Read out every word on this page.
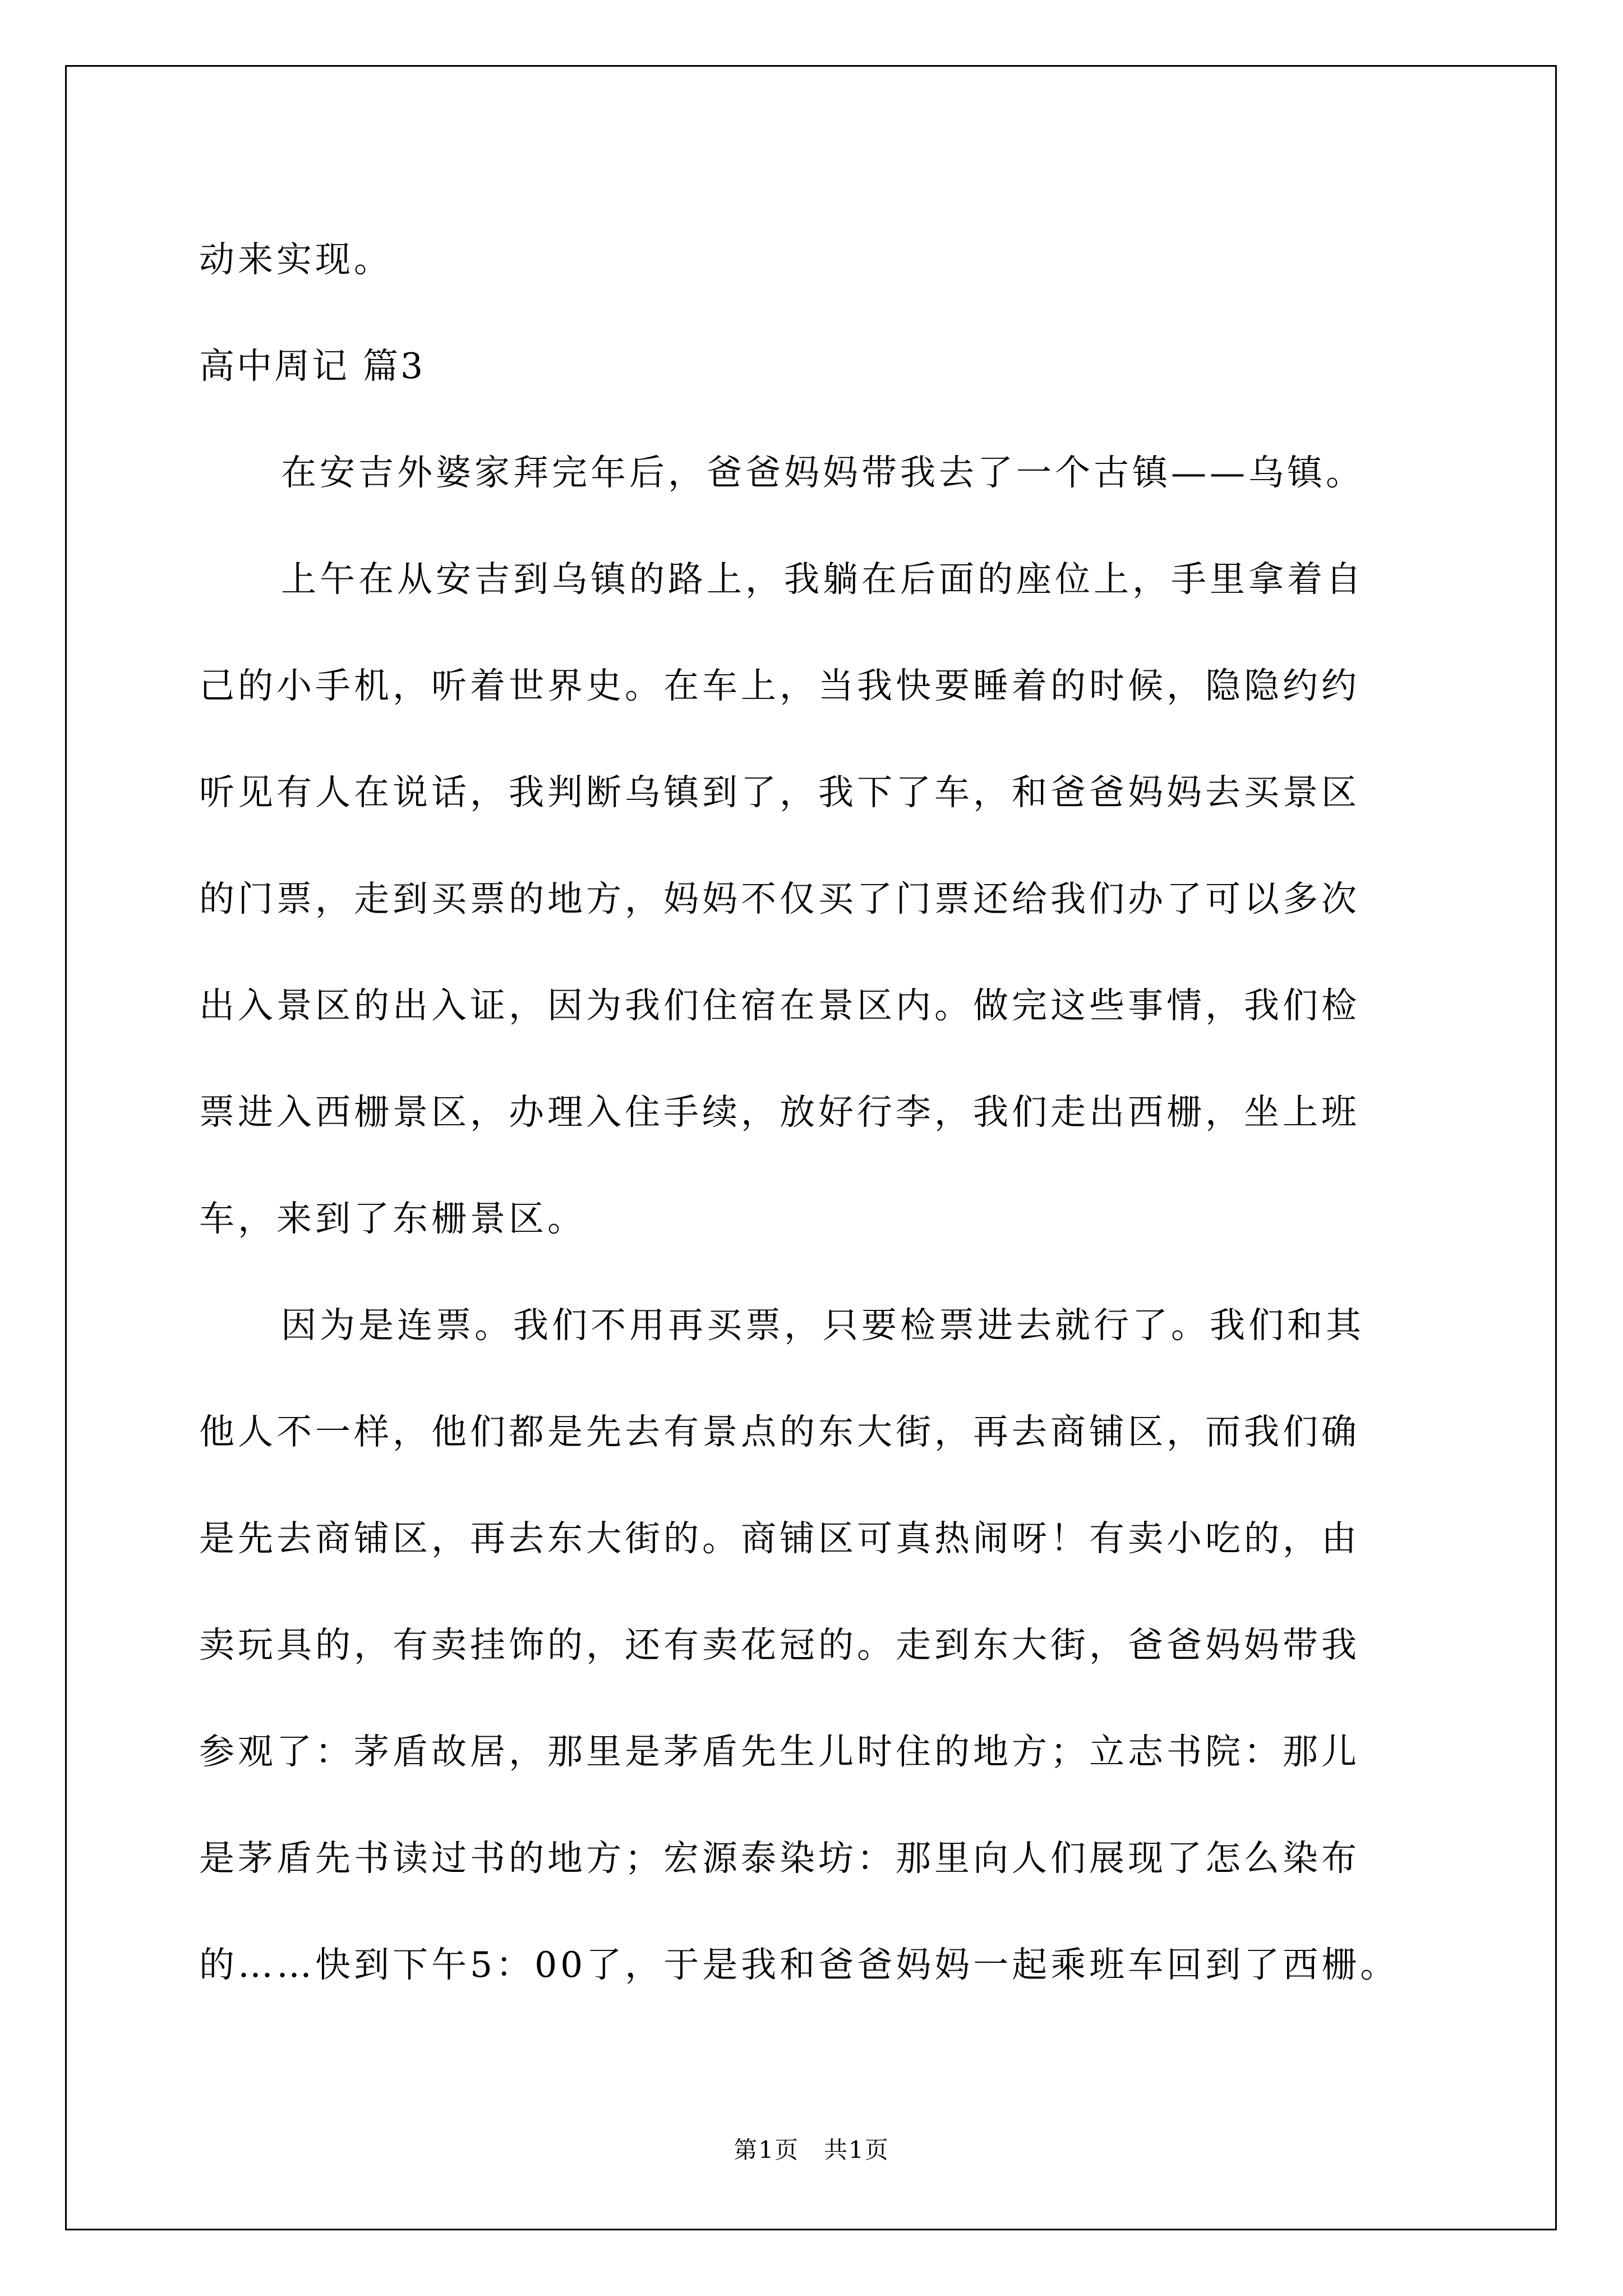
动来实现。
高中周记 篇3
在安吉外婆家拜完年后，爸爸妈妈带我去了一个古镇——乌镇。
上午在从安吉到乌镇的路上，我躺在后面的座位上，手里拿着自
己的小手机，听着世界史。在车上，当我快要睡着的时候，隐隐约约
听见有人在说话，我判断乌镇到了，我下了车，和爸爸妈妈去买景区
的门票，走到买票的地方，妈妈不仅买了门票还给我们办了可以多次
出入景区的出入证，因为我们住宿在景区内。做完这些事情，我们检
票进入西栅景区，办理入住手续，放好行李，我们走出西栅，坐上班
车，来到了东栅景区。
因为是连票。我们不用再买票，只要检票进去就行了。我们和其
他人不一样，他们都是先去有景点的东大街，再去商铺区，而我们确
是先去商铺区，再去东大街的。商铺区可真热闹呀！有卖小吃的，由
卖玩具的，有卖挂饰的，还有卖花冠的。走到东大街，爸爸妈妈带我
参观了：茅盾故居，那里是茅盾先生儿时住的地方；立志书院：那儿
是茅盾先书读过书的地方；宏源泰染坊：那里向人们展现了怎么染布
的……快到下午5：00了，于是我和爸爸妈妈一起乘班车回到了西栅。
第1页　共1页
